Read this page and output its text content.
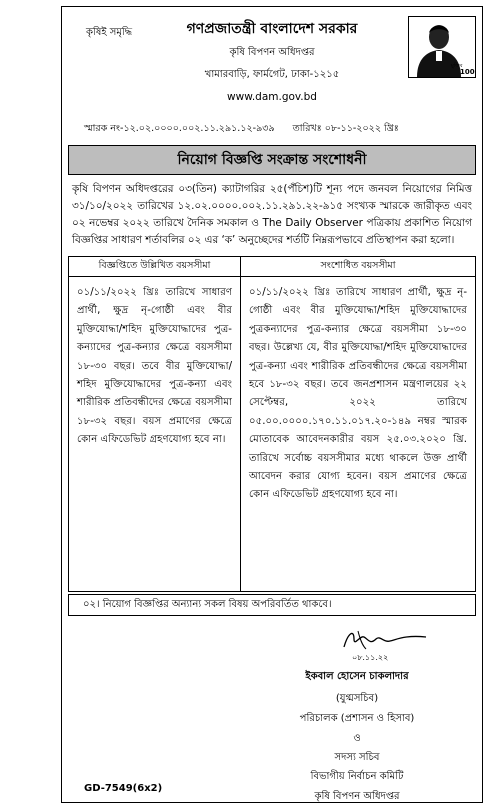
কৃষিই সমৃদ্ধি	গণপ্রজাতন্ত্রী বাংলাদেশ সরকার
কৃষি বিপণন অধিদপ্তর
খামারবাড়ি, ফার্মগেট, ঢাকা-১২১৫
www.dam.gov.bd
স্মারক নং-১২.০২.০০০০.০০২.১১.২৯১.১২-৯৩৯ তারিখঃ ০৮-১১-২০২২ খ্রিঃ
মুজিব
100
নিয়োগ বিজ্ঞপ্তি সংক্রান্ত সংশোধনী
কৃষি বিপণন অধিদপ্তরের ০৩(তিন) ক্যাটাগরির ২৫(পঁচিশ)টি শূন্য পদে জনবল নিয়োগের নিমিত্ত ৩১/১০/২০২২ তারিখের ১২.০২.০০০০.০০২.১১.২৯১.২২-৯১৫ সংখ্যক স্মারকে জারীকৃত এবং ০২ নভেম্বর ২০২২ তারিখে দৈনিক সমকাল ও The Daily Observer পত্রিকায় প্রকাশিত নিয়োগ বিজ্ঞপ্তির সাধারণ শর্তাবলির ০২ এর ‘ক’ অনুচ্ছেদের শর্তটি নিম্নরূপভাবে প্রতিস্থাপন করা হলো।
বিজ্ঞপ্তিতে উল্লিখিত বয়সসীমা	সংশোধিত বয়সসীমা
০১/১১/২০২২ খ্রিঃ তারিখে সাধারণ প্রার্থী, ক্ষুদ্র নৃ-গোষ্ঠী এবং বীর মুক্তিযোদ্ধা/শহিদ মুক্তিযোদ্ধাদের পুত্র-কন্যাদের পুত্র-কন্যার ক্ষেত্রে বয়সসীমা ১৮-৩০ বছর। তবে বীর মুক্তিযোদ্ধা/শহিদ মুক্তিযোদ্ধাদের পুত্র-কন্যা এবং শারীরিক প্রতিবন্ধীদের ক্ষেত্রে বয়সসীমা ১৮-৩২ বছর। বয়স প্রমাণের ক্ষেত্রে কোন এফিডেভিট গ্রহণযোগ্য হবে না।
০১/১১/২০২২ খ্রিঃ তারিখে সাধারণ প্রার্থী, ক্ষুদ্র নৃ-গোষ্ঠী এবং বীর মুক্তিযোদ্ধা/শহিদ মুক্তিযোদ্ধাদের পুত্রকন্যাদের পুত্র-কন্যার ক্ষেত্রে বয়সসীমা ১৮-৩০ বছর। উল্লেখ্য যে, বীর মুক্তিযোদ্ধা/শহিদ মুক্তিযোদ্ধাদের পুত্র-কন্যা এবং শারীরিক প্রতিবন্ধীদের ক্ষেত্রে বয়সসীমা হবে ১৮-৩২ বছর। তবে জনপ্রশাসন মন্ত্রণালয়ের ২২ সেপ্টেম্বর, ২০২২ তারিখে ০৫.০০.০০০০.১৭০.১১.০১৭.২০-১৪৯ নম্বর স্মারক মোতাবেক আবেদনকারীর বয়স ২৫.০৩.২০২০ খ্রি. তারিখে সর্বোচ্চ বয়সসীমার মধ্যে থাকলে উক্ত প্রার্থী আবেদন করার যোগ্য হবেন। বয়স প্রমাণের ক্ষেত্রে কোন এফিডেভিট গ্রহণযোগ্য হবে না।
০২। নিয়োগ বিজ্ঞপ্তির অন্যান্য সকল বিষয় অপরিবর্তিত থাকবে।
০৮.১১.২২
ইকবাল হোসেন চাকলাদার
(যুগ্মসচিব)
পরিচালক (প্রশাসন ও হিসাব)
ও
সদস্য সচিব
বিভাগীয় নির্বাচন কমিটি
কৃষি বিপণন অধিদপ্তর
GD-7549(6x2)
